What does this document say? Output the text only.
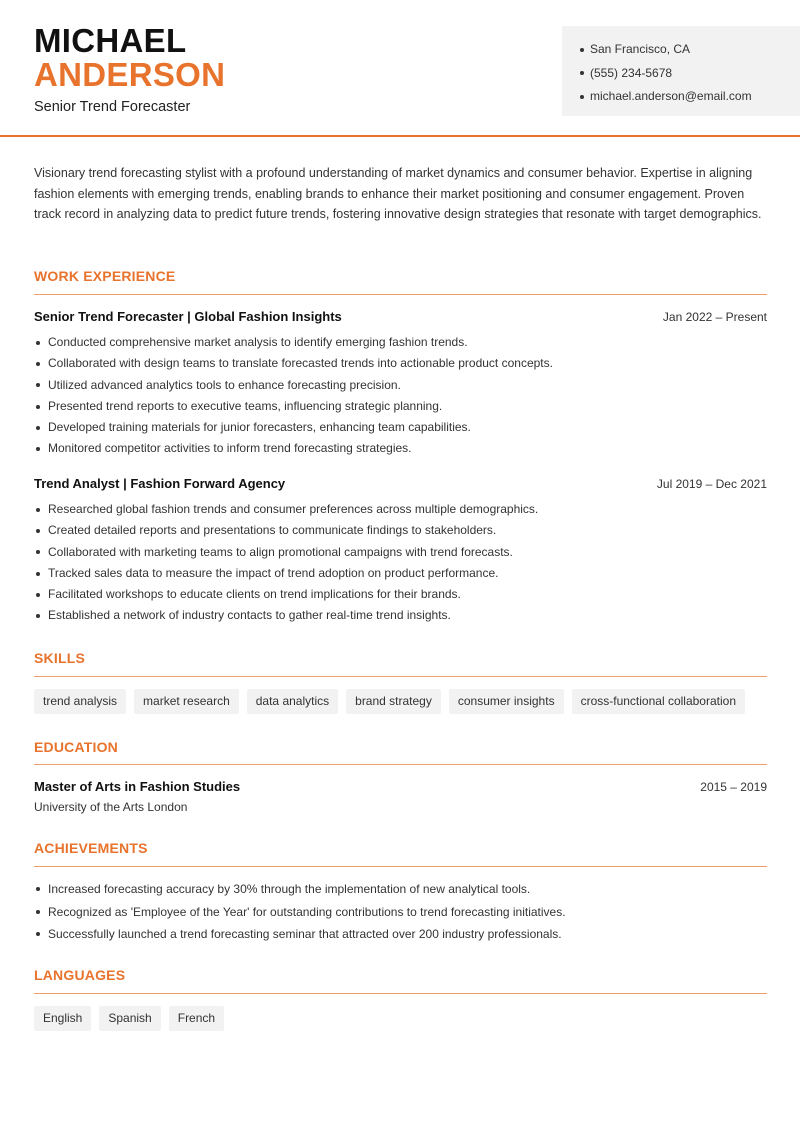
MICHAEL
ANDERSON
Senior Trend Forecaster
San Francisco, CA
(555) 234-5678
michael.anderson@email.com

Visionary trend forecasting stylist with a profound understanding of market dynamics and consumer behavior. Expertise in aligning fashion elements with emerging trends, enabling brands to enhance their market positioning and consumer engagement. Proven track record in analyzing data to predict future trends, fostering innovative design strategies that resonate with target demographics.

WORK EXPERIENCE
Senior Trend Forecaster | Global Fashion Insights	Jan 2022 – Present
Conducted comprehensive market analysis to identify emerging fashion trends.
Collaborated with design teams to translate forecasted trends into actionable product concepts.
Utilized advanced analytics tools to enhance forecasting precision.
Presented trend reports to executive teams, influencing strategic planning.
Developed training materials for junior forecasters, enhancing team capabilities.
Monitored competitor activities to inform trend forecasting strategies.
Trend Analyst | Fashion Forward Agency	Jul 2019 – Dec 2021
Researched global fashion trends and consumer preferences across multiple demographics.
Created detailed reports and presentations to communicate findings to stakeholders.
Collaborated with marketing teams to align promotional campaigns with trend forecasts.
Tracked sales data to measure the impact of trend adoption on product performance.
Facilitated workshops to educate clients on trend implications for their brands.
Established a network of industry contacts to gather real-time trend insights.
SKILLS
trend analysis	market research	data analytics	brand strategy	consumer insights	cross-functional collaboration
EDUCATION
Master of Arts in Fashion Studies	2015 – 2019
University of the Arts London
ACHIEVEMENTS
Increased forecasting accuracy by 30% through the implementation of new analytical tools.
Recognized as 'Employee of the Year' for outstanding contributions to trend forecasting initiatives.
Successfully launched a trend forecasting seminar that attracted over 200 industry professionals.
LANGUAGES
English	Spanish	French
